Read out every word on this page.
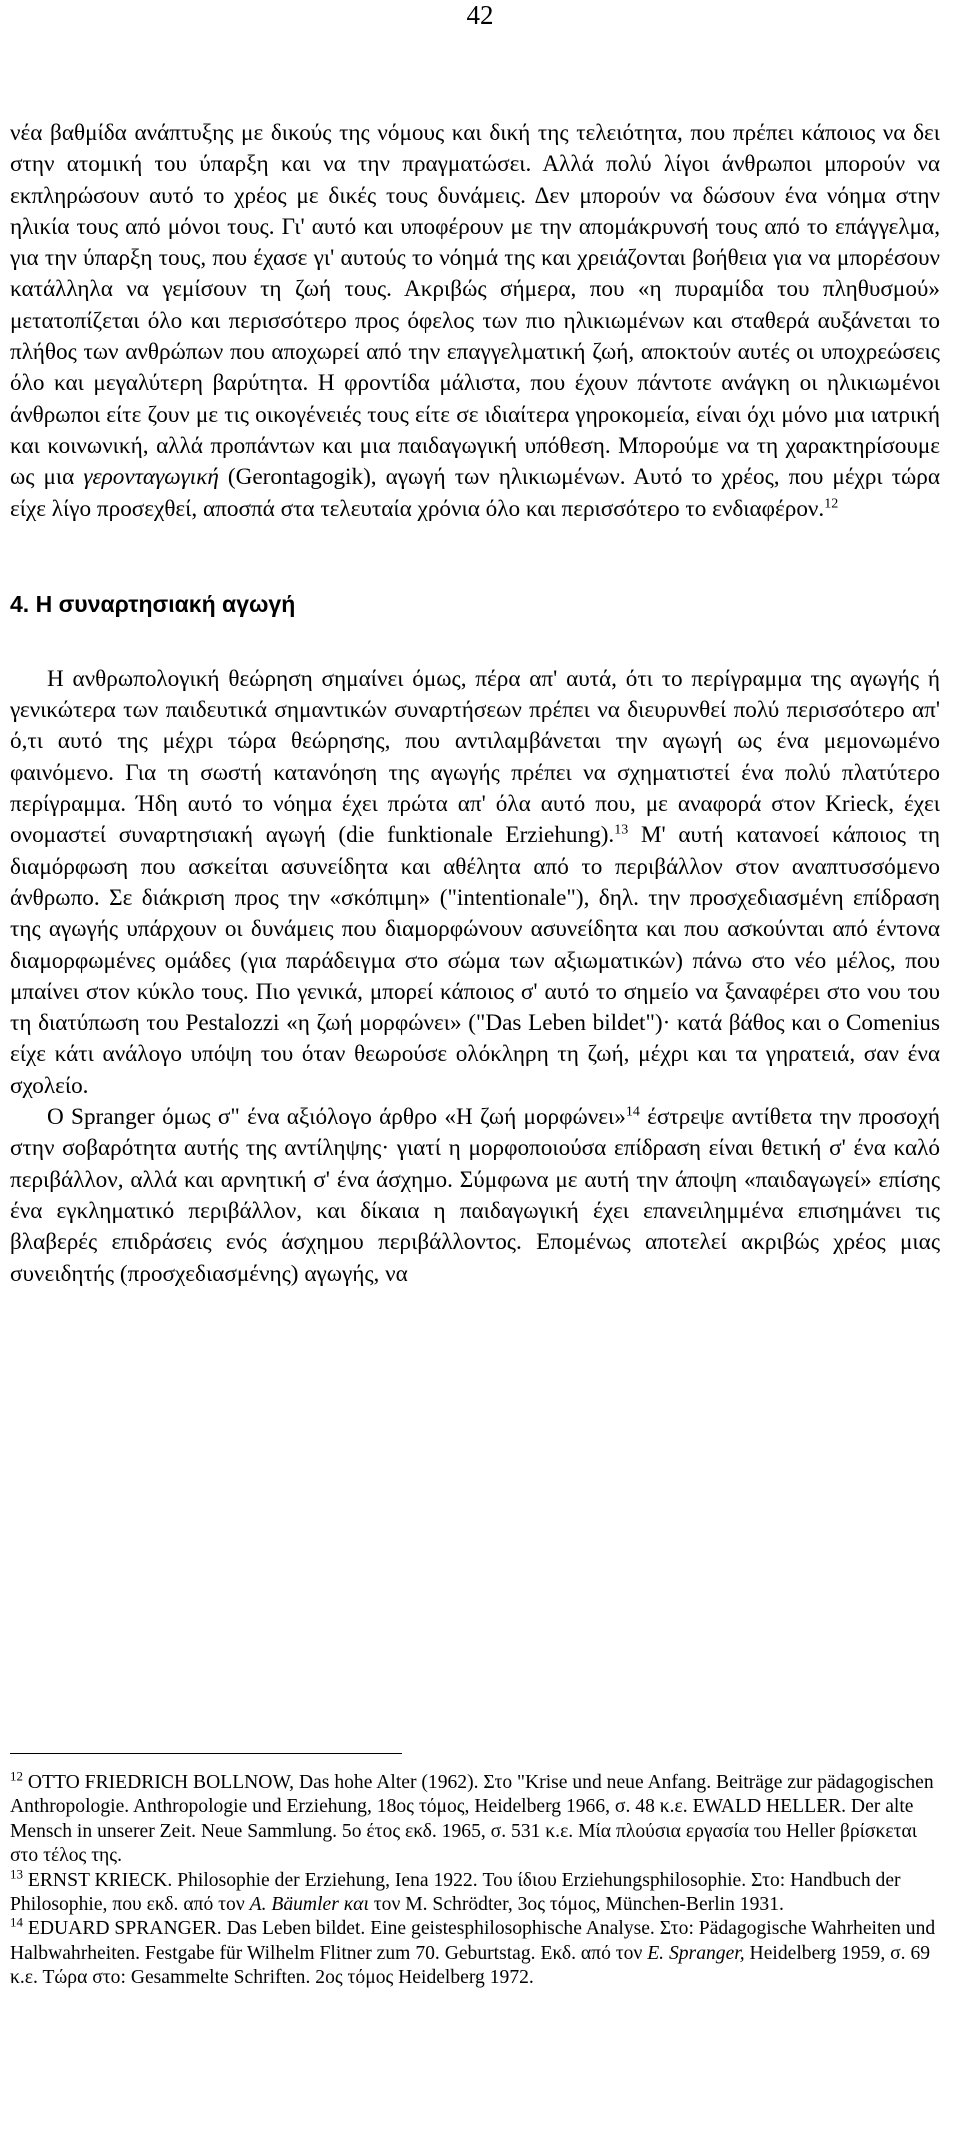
42

νέα βαθμίδα ανάπτυξης με δικούς της νόμους και δική της τελειότητα, που πρέπει κάποιος να δει στην ατομική του ύπαρξη και να την πραγματώσει. Αλλά πολύ λίγοι άνθρωποι μπορούν να εκπληρώσουν αυτό το χρέος με δικές τους δυνάμεις. Δεν μπορούν να δώσουν ένα νόημα στην ηλικία τους από μόνοι τους. Γι' αυτό και υποφέρουν με την απομάκρυνσή τους από το επάγγελμα, για την ύπαρξη τους, που έχασε γι' αυτούς το νόημά της και χρειάζονται βοήθεια για να μπορέσουν κατάλληλα να γεμίσουν τη ζωή τους. Ακριβώς σήμερα, που «η πυραμίδα του πληθυσμού» μετατοπίζεται όλο και περισσότερο προς όφελος των πιο ηλικιωμένων και σταθερά αυξάνεται το πλήθος των ανθρώπων που αποχωρεί από την επαγγελματική ζωή, αποκτούν αυτές οι υποχρεώσεις όλο και μεγαλύτερη βαρύτητα. Η φροντίδα μάλιστα, που έχουν πάντοτε ανάγκη οι ηλικιωμένοι άνθρωποι είτε ζουν με τις οικογένειές τους είτε σε ιδιαίτερα γηροκομεία, είναι όχι μόνο μια ιατρική και κοινωνική, αλλά προπάντων και μια παιδαγωγική υπόθεση. Μπορούμε να τη χαρακτηρίσουμε ως μια γερονταγωγική (Gerontagogik), αγωγή των ηλικιωμένων. Αυτό το χρέος, που μέχρι τώρα είχε λίγο προσεχθεί, αποσπά στα τελευταία χρόνια όλο και περισσότερο το ενδιαφέρον.$^{12}$

4. Η συναρτησιακή αγωγή

Η ανθρωπολογική θεώρηση σημαίνει όμως, πέρα απ' αυτά, ότι το περίγραμμα της αγωγής ή γενικώτερα των παιδευτικά σημαντικών συναρτήσεων πρέπει να διευρυνθεί πολύ περισσότερο απ' ό,τι αυτό της μέχρι τώρα θεώρησης, που αντιλαμβάνεται την αγωγή ως ένα μεμονωμένο φαινόμενο. Για τη σωστή κατανόηση της αγωγής πρέπει να σχηματιστεί ένα πολύ πλατύτερο περίγραμμα. Ήδη αυτό το νόημα έχει πρώτα απ' όλα αυτό που, με αναφορά στον Krieck, έχει ονομαστεί συναρτησιακή αγωγή (die funktionale Erziehung).$^{13}$ Μ' αυτή κατανοεί κάποιος τη διαμόρφωση που ασκείται ασυνείδητα και αθέλητα από το περιβάλλον στον αναπτυσσόμενο άνθρωπο. Σε διάκριση προς την «σκόπιμη» ("intentionale"), δηλ. την προσχεδιασμένη επίδραση της αγωγής υπάρχουν οι δυνάμεις που διαμορφώνουν ασυνείδητα και που ασκούνται από έντονα διαμορφωμένες ομάδες (για παράδειγμα στο σώμα των αξιωματικών) πάνω στο νέο μέλος, που μπαίνει στον κύκλο τους. Πιο γενικά, μπορεί κάποιος σ' αυτό το σημείο να ξαναφέρει στο νου του τη διατύπωση του Pestalozzi «η ζωή μορφώνει» ("Das Leben bildet")· κατά βάθος και ο Comenius είχε κάτι ανάλογο υπόψη του όταν θεωρούσε ολόκληρη τη ζωή, μέχρι και τα γηρατειά, σαν ένα σχολείο.

Ο Spranger όμως σ" ένα αξιόλογο άρθρο «Η ζωή μορφώνει»$^{14}$ έστρεψε αντίθετα την προσοχή στην σοβαρότητα αυτής της αντίληψης· γιατί η μορφοποιούσα επίδραση είναι θετική σ' ένα καλό περιβάλλον, αλλά και αρνητική σ' ένα άσχημο. Σύμφωνα με αυτή την άποψη «παιδαγωγεί» επίσης ένα εγκληματικό περιβάλλον, και δίκαια η παιδαγωγική έχει επανειλημμένα επισημάνει τις βλαβερές επιδράσεις ενός άσχημου περιβάλλοντος. Επομένως αποτελεί ακριβώς χρέος μιας συνειδητής (προσχεδιασμένης) αγωγής, να

$^{12}$ OTTO FRIEDRICH BOLLNOW, Das hohe Alter (1962). Στο "Krise und neue Anfang. Beiträge zur pädagogischen Anthropologie. Anthropologie und Erziehung, 18ος τόμος, Heidelberg 1966, σ. 48 κ.ε. EWALD HELLER. Der alte Mensch in unserer Zeit. Neue Sammlung. 5ο έτος εκδ. 1965, σ. 531 κ.ε. Μία πλούσια εργασία του Heller βρίσκεται στο τέλος της.

$^{13}$ ERNST KRIECK. Philosophie der Erziehung, Iena 1922. Του ίδιου Erziehungsphilosophie. Στο: Handbuch der Philosophie, που εκδ. από τον A. Bäumler και τον M. Schrödter, 3ος τόμος, München-Berlin 1931.

$^{14}$ EDUARD SPRANGER. Das Leben bildet. Eine geistesphilosophische Analyse. Στο: Pädagogische Wahrheiten und Halbwahrheiten. Festgabe für Wilhelm Flitner zum 70. Geburtstag. Εκδ. από τον E. Spranger, Heidelberg 1959, σ. 69 κ.ε. Τώρα στο: Gesammelte Schriften. 2ος τόμος Heidelberg 1972.
